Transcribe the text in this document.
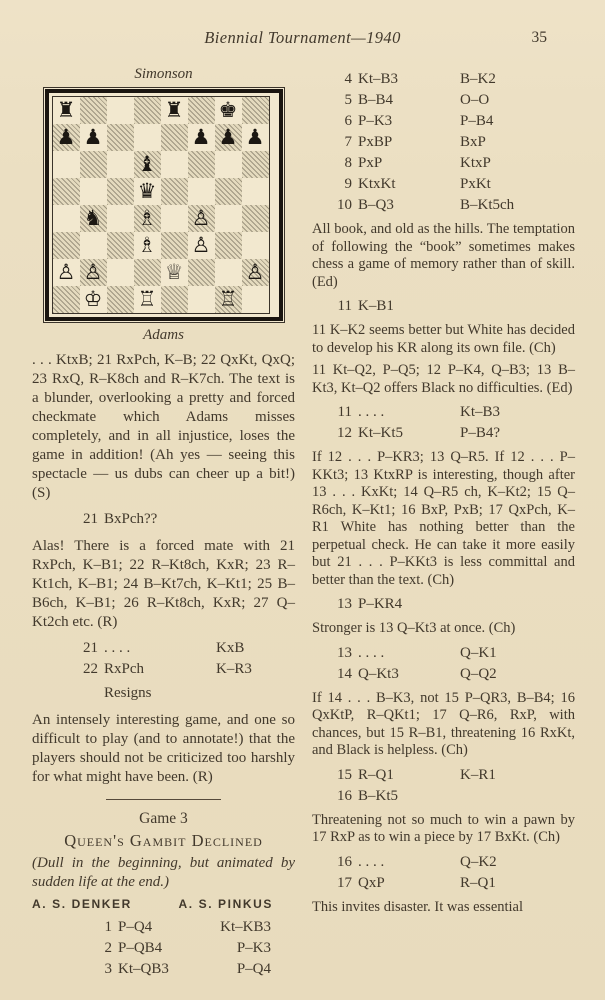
Biennial Tournament—1940	35
Simonson
♜	♜ ♚
♟ ♟	♟ ♟ ♟
♝
♛
♞ ♗ ♙
♗ ♙
♙ ♙	♕	♙
♔ ♖	♖
Adams

. . . KtxB; 21 RxPch, K–B; 22 QxKt, QxQ; 23 RxQ, R–K8ch and R–K7ch. The text is a blunder, overlooking a pretty and forced checkmate which Adams misses completely, and in all injustice, loses the game in addition! (Ah yes — seeing this spectacle — us dubs can cheer up a bit!) (S)

21 BxPch??

Alas! There is a forced mate with 21 RxPch, K–B1; 22 R–Kt8ch, KxR; 23 R–Kt1ch, K–B1; 24 B–Kt7ch, K–Kt1; 25 B–B6ch, K–B1; 26 R–Kt8ch, KxR; 27 Q–Kt2ch etc. (R)

21 . . . .	KxB
22 RxPch	K–R3
Resigns

An intensely interesting game, and one so difficult to play (and to annotate!) that the players should not be criticized too harshly for what might have been. (R)

Game 3
Queen's Gambit Declined

(Dull in the beginning, but animated by sudden life at the end.)

A. S. DENKER	A. S. PINKUS
1 P–Q4	Kt–KB3
2 P–QB4	P–K3
3 Kt–QB3	P–Q4
4 Kt–B3	B–K2
5 B–B4	O–O
6 P–K3	P–B4
7 PxBP	BxP
8 PxP	KtxP
9 KtxKt	PxKt
10 B–Q3	B–Kt5ch

All book, and old as the hills. The temptation of following the “book” sometimes makes chess a game of memory rather than of skill. (Ed)

11 K–B1

11 K–K2 seems better but White has decided to develop his KR along its own file. (Ch)

11 Kt–Q2, P–Q5; 12 P–K4, Q–B3; 13 B–Kt3, Kt–Q2 offers Black no difficulties. (Ed)

11 . . . .	Kt–B3
12 Kt–Kt5	P–B4?

If 12 . . . P–KR3; 13 Q–R5. If 12 . . . P–KKt3; 13 KtxRP is interesting, though after 13 . . . KxKt; 14 Q–R5 ch, K–Kt2; 15 Q–R6ch, K–Kt1; 16 BxP, PxB; 17 QxPch, K–R1 White has nothing better than the perpetual check. He can take it more easily but 21 . . . P–KKt3 is less committal and better than the text. (Ch)

13 P–KR4

Stronger is 13 Q–Kt3 at once. (Ch)

13 . . . .	Q–K1
14 Q–Kt3	Q–Q2

If 14 . . . B–K3, not 15 P–QR3, B–B4; 16 QxKtP, R–QKt1; 17 Q–R6, RxP, with chances, but 15 R–B1, threatening 16 RxKt, and Black is helpless. (Ch)

15 R–Q1	K–R1
16 B–Kt5

Threatening not so much to win a pawn by 17 RxP as to win a piece by 17 BxKt. (Ch)

16 . . . .	Q–K2
17 QxP	R–Q1

This invites disaster. It was essential
